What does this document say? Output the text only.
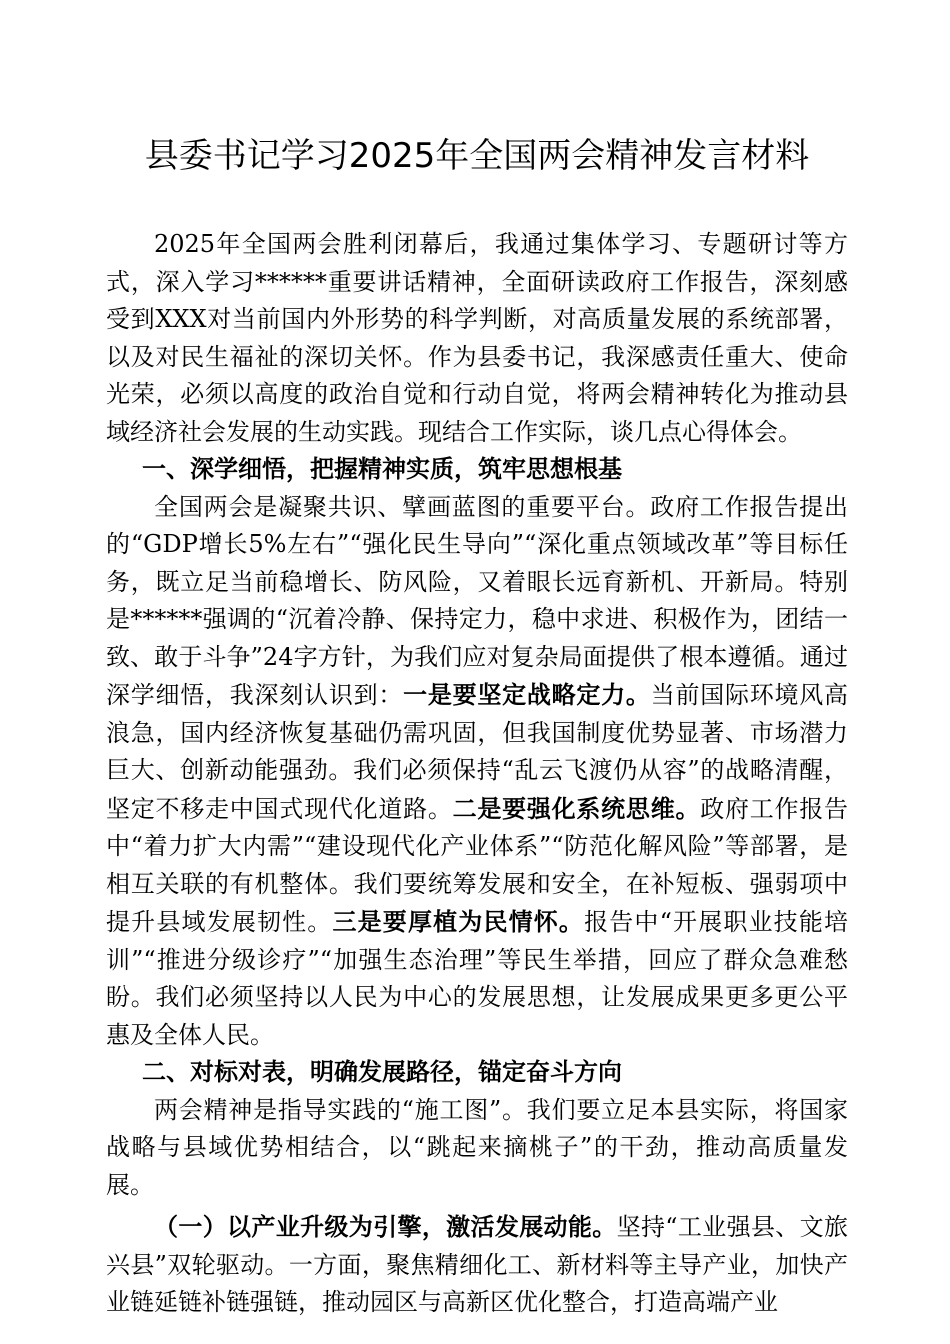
县委书记学习2025年全国两会精神发言材料

2025年全国两会胜利闭幕后，我通过集体学习、专题研讨等方式，深入学习******重要讲话精神，全面研读政府工作报告，深刻感受到XXX对当前国内外形势的科学判断，对高质量发展的系统部署，以及对民生福祉的深切关怀。作为县委书记，我深感责任重大、使命光荣，必须以高度的政治自觉和行动自觉，将两会精神转化为推动县域经济社会发展的生动实践。现结合工作实际，谈几点心得体会。

一、深学细悟，把握精神实质，筑牢思想根基

全国两会是凝聚共识、擘画蓝图的重要平台。政府工作报告提出的“GDP增长5%左右”“强化民生导向”“深化重点领域改革”等目标任务，既立足当前稳增长、防风险，又着眼长远育新机、开新局。特别是******强调的“沉着冷静、保持定力，稳中求进、积极作为，团结一致、敢于斗争”24字方针，为我们应对复杂局面提供了根本遵循。通过深学细悟，我深刻认识到：一是要坚定战略定力。当前国际环境风高浪急，国内经济恢复基础仍需巩固，但我国制度优势显著、市场潜力巨大、创新动能强劲。我们必须保持“乱云飞渡仍从容”的战略清醒，坚定不移走中国式现代化道路。二是要强化系统思维。政府工作报告中“着力扩大内需”“建设现代化产业体系”“防范化解风险”等部署，是相互关联的有机整体。我们要统筹发展和安全，在补短板、强弱项中提升县域发展韧性。三是要厚植为民情怀。报告中“开展职业技能培训”“推进分级诊疗”“加强生态治理”等民生举措，回应了群众急难愁盼。我们必须坚持以人民为中心的发展思想，让发展成果更多更公平惠及全体人民。

二、对标对表，明确发展路径，锚定奋斗方向

两会精神是指导实践的“施工图”。我们要立足本县实际，将国家战略与县域优势相结合，以“跳起来摘桃子”的干劲，推动高质量发展。

（一）以产业升级为引擎，激活发展动能。坚持“工业强县、文旅兴县”双轮驱动。一方面，聚焦精细化工、新材料等主导产业，加快产业链延链补链强链，推动园区与高新区优化整合，打造高端产业
